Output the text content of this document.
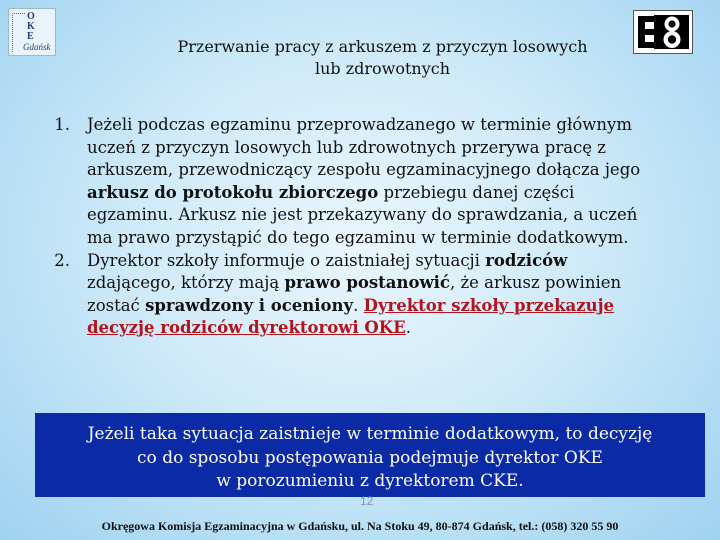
O
K
E
Gdańsk	Przerwanie pracy z arkuszem z przyczyn losowych
lub zdrowotnych
1. Jeżeli podczas egzaminu przeprowadzanego w terminie głównym uczeń z przyczyn losowych lub zdrowotnych przerywa pracę z arkuszem, przewodniczący zespołu egzaminacyjnego dołącza jego arkusz do protokołu zbiorczego przebiegu danej części egzaminu. Arkusz nie jest przekazywany do sprawdzania, a uczeń ma prawo przystąpić do tego egzaminu w terminie dodatkowym.
2. Dyrektor szkoły informuje o zaistniałej sytuacji rodziców zdającego, którzy mają prawo postanowić, że arkusz powinien zostać sprawdzony i oceniony. Dyrektor szkoły przekazuje decyzję rodziców dyrektorowi OKE.
Jeżeli taka sytuacja zaistnieje w terminie dodatkowym, to decyzję
co do sposobu postępowania podejmuje dyrektor OKE
w porozumieniu z dyrektorem CKE.
12
Okręgowa Komisja Egzaminacyjna w Gdańsku, ul. Na Stoku 49, 80-874 Gdańsk, tel.: (058) 320 55 90
